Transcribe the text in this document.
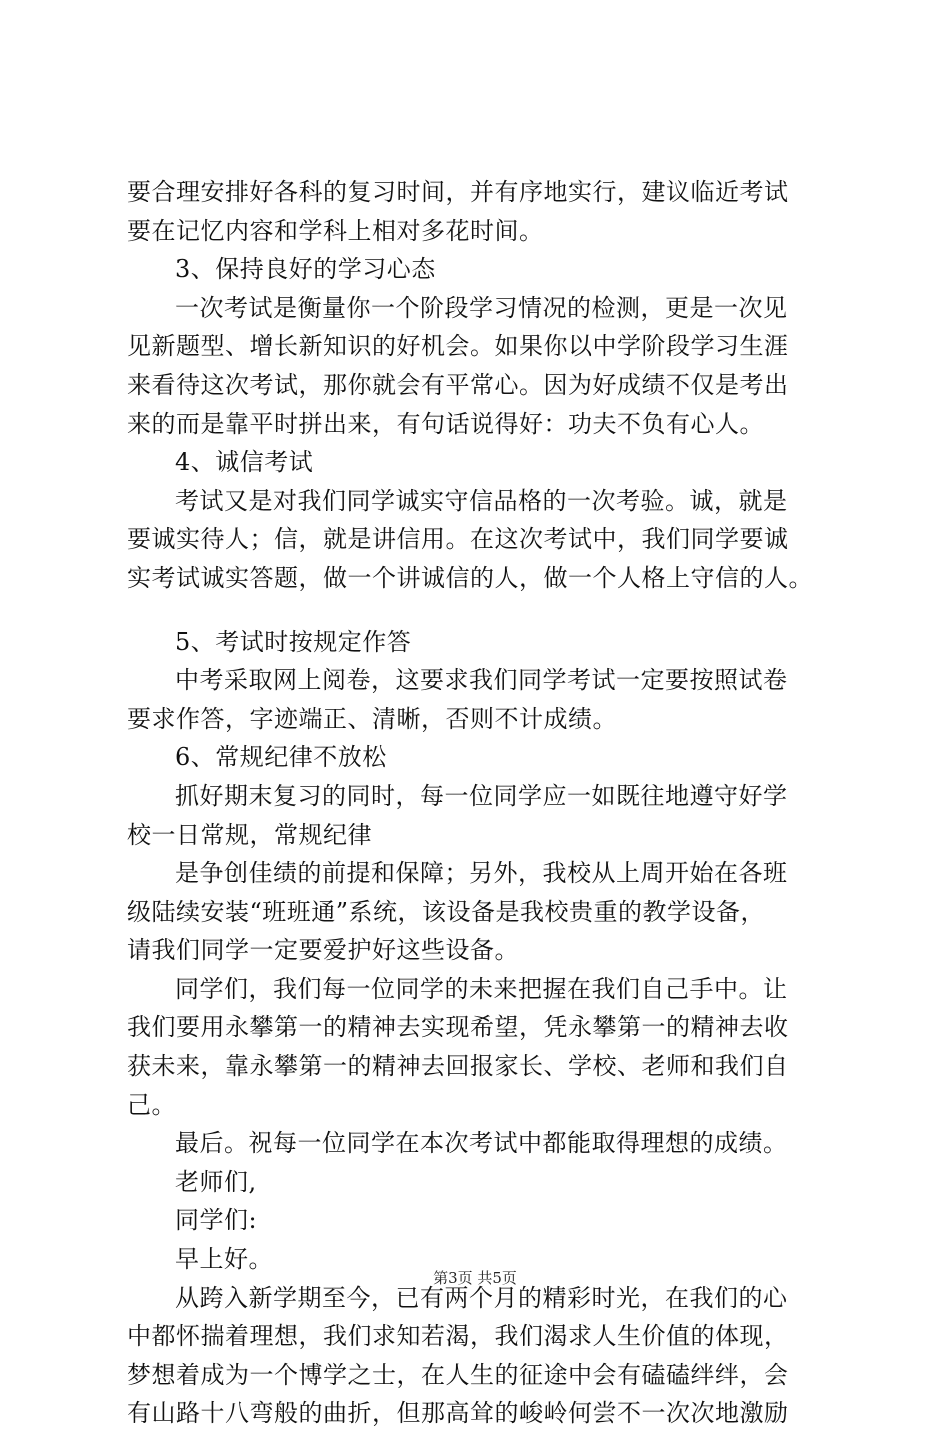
要合理安排好各科的复习时间，并有序地实行，建议临近考试
要在记忆内容和学科上相对多花时间。
3、保持良好的学习心态
一次考试是衡量你一个阶段学习情况的检测，更是一次见
见新题型、增长新知识的好机会。如果你以中学阶段学习生涯
来看待这次考试，那你就会有平常心。因为好成绩不仅是考出
来的而是靠平时拼出来，有句话说得好：功夫不负有心人。
4、诚信考试
考试又是对我们同学诚实守信品格的一次考验。诚，就是
要诚实待人；信，就是讲信用。在这次考试中，我们同学要诚
实考试诚实答题，做一个讲诚信的人，做一个人格上守信的人。
5、考试时按规定作答
中考采取网上阅卷，这要求我们同学考试一定要按照试卷
要求作答，字迹端正、清晰，否则不计成绩。
6、常规纪律不放松
抓好期末复习的同时，每一位同学应一如既往地遵守好学
校一日常规，常规纪律
是争创佳绩的前提和保障；另外，我校从上周开始在各班
级陆续安装“班班通”系统，该设备是我校贵重的教学设备，
请我们同学一定要爱护好这些设备。
同学们，我们每一位同学的未来把握在我们自己手中。让
我们要用永攀第一的精神去实现希望，凭永攀第一的精神去收
获未来，靠永攀第一的精神去回报家长、学校、老师和我们自
己。
最后。祝每一位同学在本次考试中都能取得理想的成绩。
老师们,
同学们:
早上好。
从跨入新学期至今，已有两个月的精彩时光，在我们的心
中都怀揣着理想，我们求知若渴，我们渴求人生价值的体现，
梦想着成为一个博学之士，在人生的征途中会有磕磕绊绊，会
有山路十八弯般的曲折，但那高耸的峻岭何尝不一次次地激励
第3页 共5页
